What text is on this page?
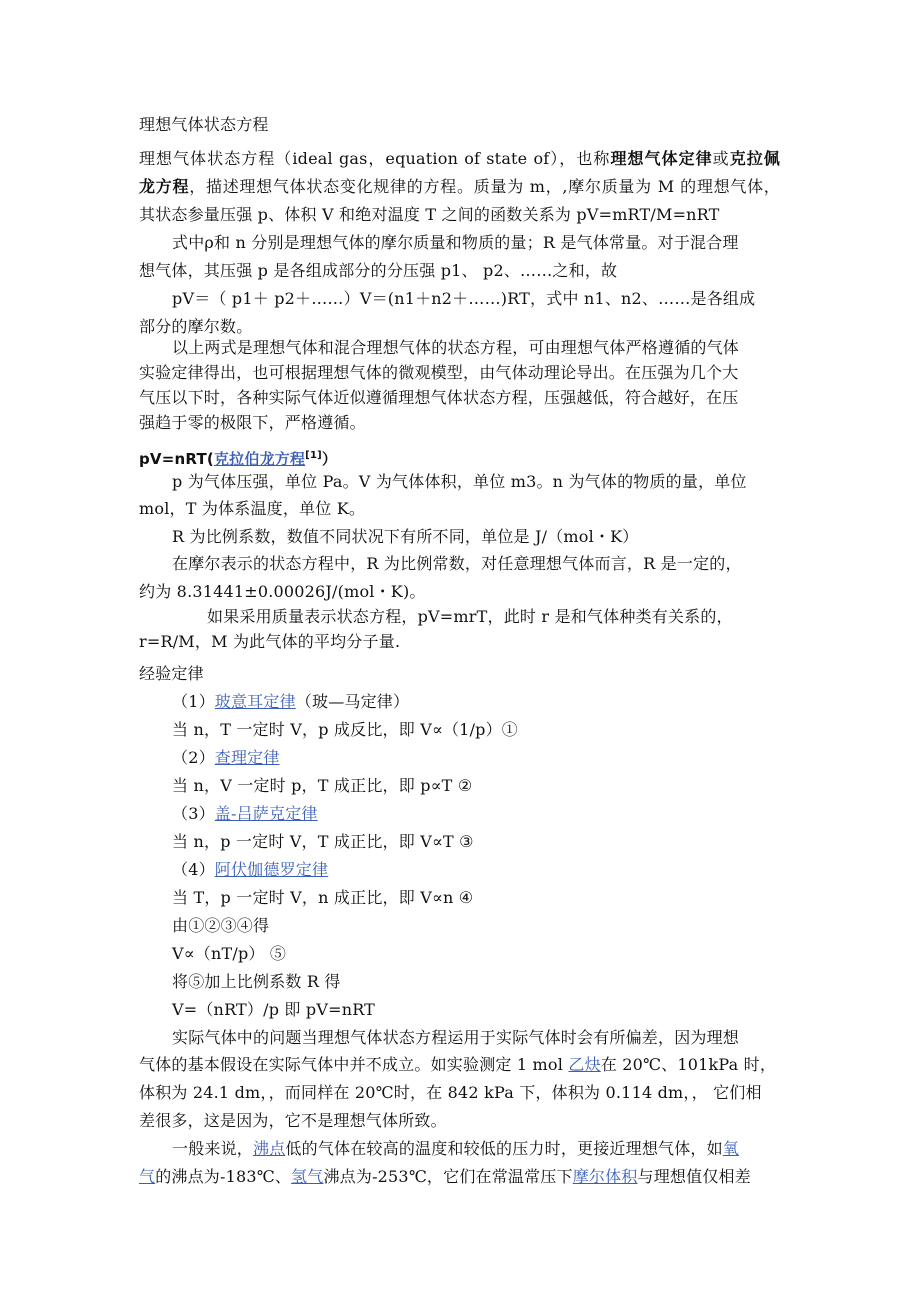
理想气体状态方程
理想气体状态方程（ideal gas，equation of state of），也称理想气体定律或克拉佩
龙方程，描述理想气体状态变化规律的方程。质量为 m，,摩尔质量为 M 的理想气体，
其状态参量压强 p、体积 V 和绝对温度 T 之间的函数关系为 pV=mRT/M=nRT
式中ρ和 n 分别是理想气体的摩尔质量和物质的量；R 是气体常量。对于混合理
想气体，其压强 p 是各组成部分的分压强 p1、 p2、……之和，故
pV＝（ p1＋ p2＋……）V＝(n1＋n2＋……)RT，式中 n1、n2、……是各组成
部分的摩尔数。
以上两式是理想气体和混合理想气体的状态方程，可由理想气体严格遵循的气体
实验定律得出，也可根据理想气体的微观模型，由气体动理论导出。在压强为几个大
气压以下时，各种实际气体近似遵循理想气体状态方程，压强越低，符合越好，在压
强趋于零的极限下，严格遵循。
pV=nRT(克拉伯龙方程[1]）
p 为气体压强，单位 Pa。V 为气体体积，单位 m3。n 为气体的物质的量，单位
mol，T 为体系温度，单位 K。
R 为比例系数，数值不同状况下有所不同，单位是 J/（mol・K）
在摩尔表示的状态方程中，R 为比例常数，对任意理想气体而言，R 是一定的，
约为 8.31441±0.00026J/(mol・K)。
如果采用质量表示状态方程，pV=mrT，此时 r 是和气体种类有关系的，
r=R/M，M 为此气体的平均分子量.
经验定律
（1）玻意耳定律（玻—马定律）
当 n，T 一定时 V，p 成反比，即 V∝（1/p）①
（2）查理定律
当 n，V 一定时 p，T 成正比，即 p∝T ②
（3）盖-吕萨克定律
当 n，p 一定时 V，T 成正比，即 V∝T ③
（4）阿伏伽德罗定律
当 T，p 一定时 V，n 成正比，即 V∝n ④
由①②③④得
V∝（nT/p） ⑤
将⑤加上比例系数 R 得
V=（nRT）/p 即 pV=nRT
实际气体中的问题当理想气体状态方程运用于实际气体时会有所偏差，因为理想
气体的基本假设在实际气体中并不成立。如实验测定 1 mol 乙炔在 20℃、101kPa 时，
体积为 24.1 dm，，而同样在 20℃时，在 842 kPa 下，体积为 0.114 dm，， 它们相
差很多，这是因为，它不是理想气体所致。
一般来说，沸点低的气体在较高的温度和较低的压力时，更接近理想气体，如氧
气的沸点为-183℃、氢气沸点为-253℃，它们在常温常压下摩尔体积与理想值仅相差
